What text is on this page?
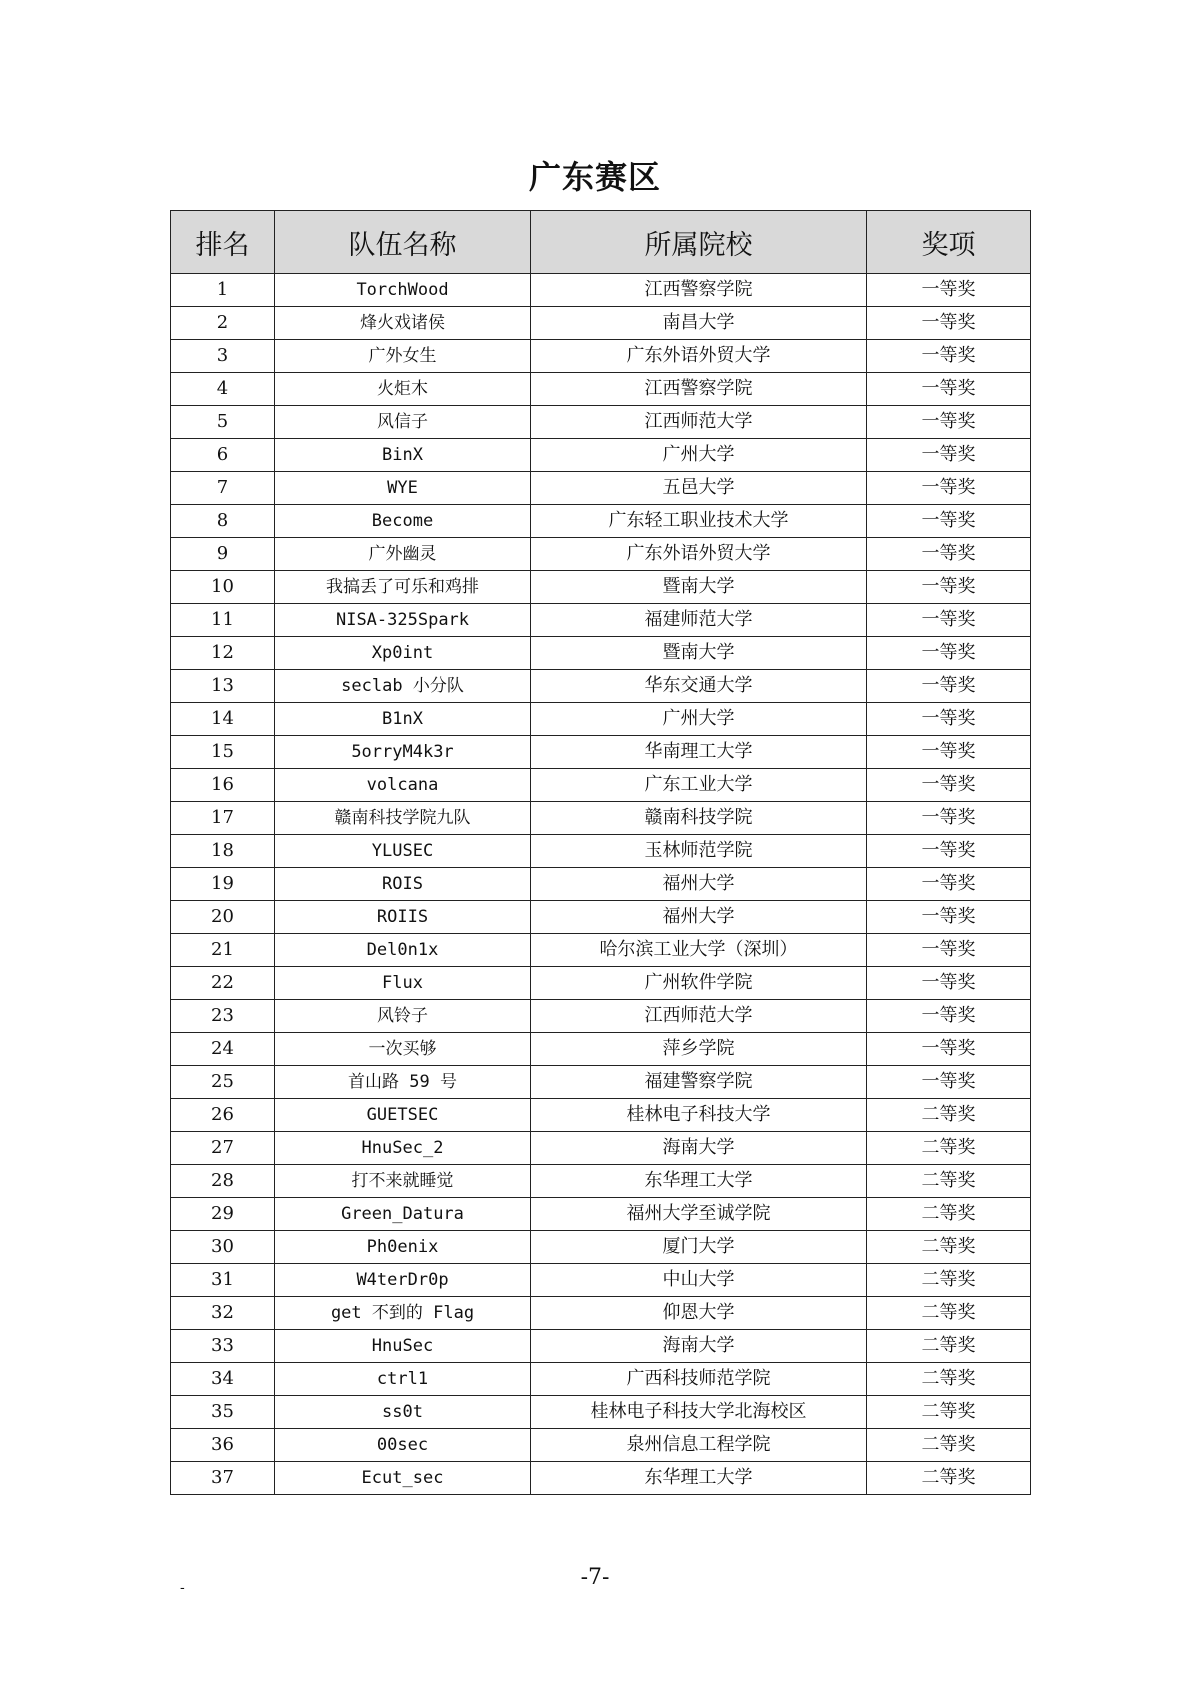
广东赛区
排名	队伍名称	所属院校	奖项
1	TorchWood	江西警察学院	一等奖
2	烽火戏诸侯	南昌大学	一等奖
3	广外女生	广东外语外贸大学	一等奖
4	火炬木	江西警察学院	一等奖
5	风信子	江西师范大学	一等奖
6	BinX	广州大学	一等奖
7	WYE	五邑大学	一等奖
8	Become	广东轻工职业技术大学	一等奖
9	广外幽灵	广东外语外贸大学	一等奖
10	我搞丢了可乐和鸡排	暨南大学	一等奖
11	NISA-325Spark	福建师范大学	一等奖
12	Xp0int	暨南大学	一等奖
13	seclab 小分队	华东交通大学	一等奖
14	B1nX	广州大学	一等奖
15	5orryM4k3r	华南理工大学	一等奖
16	volcana	广东工业大学	一等奖
17	赣南科技学院九队	赣南科技学院	一等奖
18	YLUSEC	玉林师范学院	一等奖
19	ROIS	福州大学	一等奖
20	ROIIS	福州大学	一等奖
21	Del0n1x	哈尔滨工业大学（深圳）	一等奖
22	Flux	广州软件学院	一等奖
23	风铃子	江西师范大学	一等奖
24	一次买够	萍乡学院	一等奖
25	首山路 59 号	福建警察学院	一等奖
26	GUETSEC	桂林电子科技大学	二等奖
27	HnuSec_2	海南大学	二等奖
28	打不来就睡觉	东华理工大学	二等奖
29	Green_Datura	福州大学至诚学院	二等奖
30	Ph0enix	厦门大学	二等奖
31	W4terDr0p	中山大学	二等奖
32	get 不到的 Flag	仰恩大学	二等奖
33	HnuSec	海南大学	二等奖
34	ctrl1	广西科技师范学院	二等奖
35	ss0t	桂林电子科技大学北海校区	二等奖
36	00sec	泉州信息工程学院	二等奖
37	Ecut_sec	东华理工大学	二等奖
-7-
-
